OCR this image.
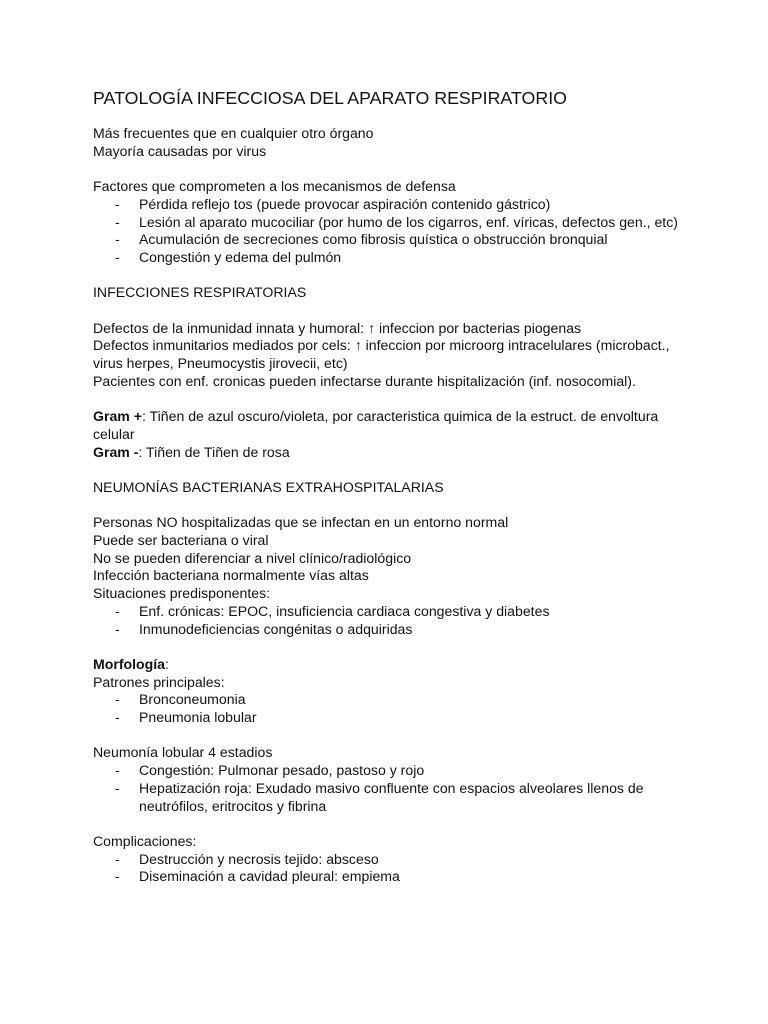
PATOLOGÍA INFECCIOSA DEL APARATO RESPIRATORIO

Más frecuentes que en cualquier otro órgano

Mayoría causadas por virus

Factores que comprometen a los mecanismos de defensa

- Pérdida reflejo tos (puede provocar aspiración contenido gástrico)
- Lesión al aparato mucociliar (por humo de los cigarros, enf. víricas, defectos gen., etc)
- Acumulación de secreciones como fibrosis quística o obstrucción bronquial
- Congestión y edema del pulmón

INFECCIONES RESPIRATORIAS

Defectos de la inmunidad innata y humoral: ↑ infeccion por bacterias piogenas

Defectos inmunitarios mediados por cels: ↑ infeccion por microorg intracelulares (microbact., virus herpes, Pneumocystis jirovecii, etc)

Pacientes con enf. cronicas pueden infectarse durante hispitalización (inf. nosocomial).

Gram +: Tiñen de azul oscuro/violeta, por caracteristica quimica de la estruct. de envoltura celular

Gram -: Tiñen de Tiñen de rosa

NEUMONÍAS BACTERIANAS EXTRAHOSPITALARIAS

Personas NO hospitalizadas que se infectan en un entorno normal

Puede ser bacteriana o viral

No se pueden diferenciar a nivel clínico/radiológico

Infección bacteriana normalmente vías altas

Situaciones predisponentes:

- Enf. crónicas: EPOC, insuficiencia cardiaca congestiva y diabetes
- Inmunodeficiencias congénitas o adquiridas

Morfología:

Patrones principales:

- Bronconeumonia
- Pneumonia lobular

Neumonía lobular 4 estadios

- Congestión: Pulmonar pesado, pastoso y rojo
- Hepatización roja: Exudado masivo confluente con espacios alveolares llenos de neutrófilos, eritrocitos y fibrina

Complicaciones:

- Destrucción y necrosis tejido: absceso
- Diseminación a cavidad pleural: empiema
